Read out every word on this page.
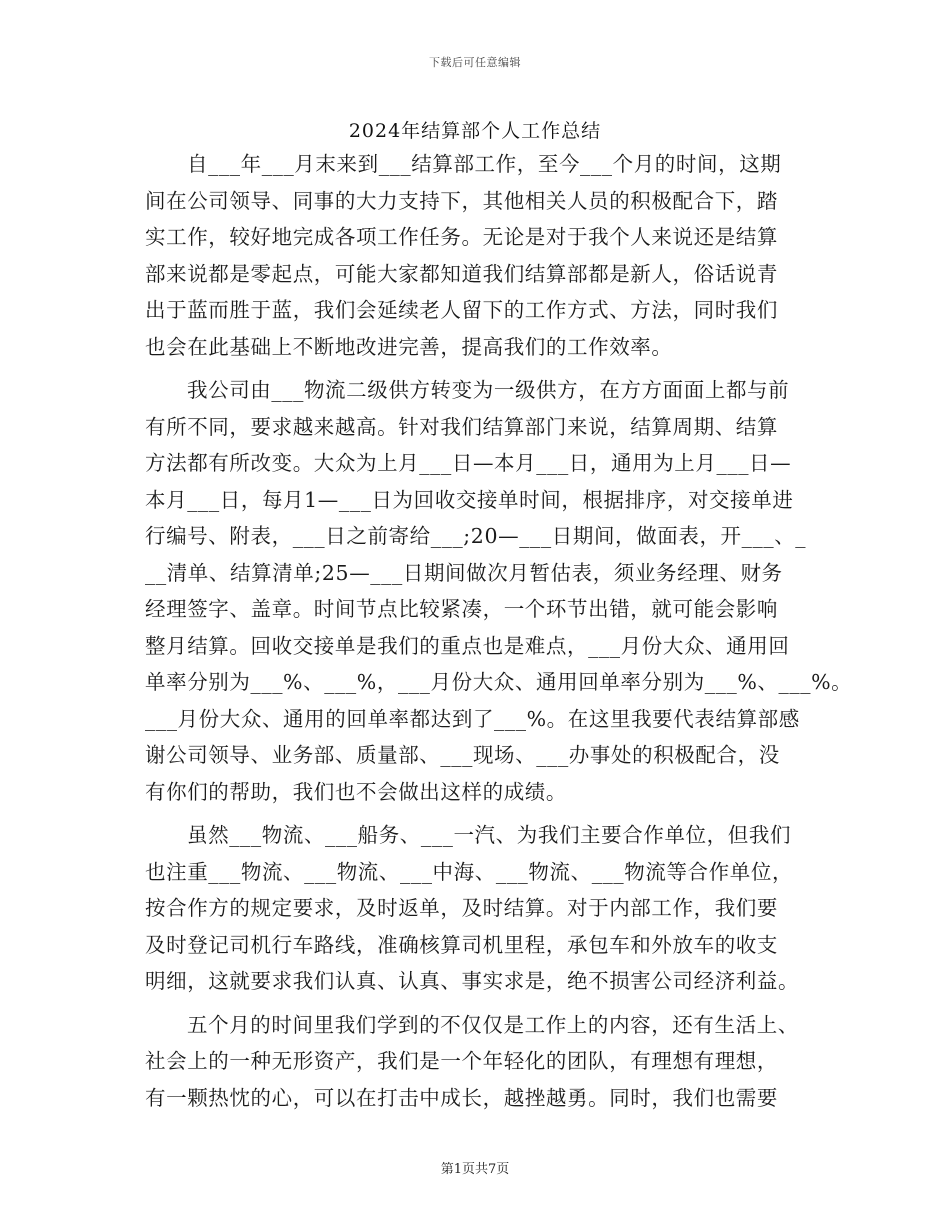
下载后可任意编辑
2024年结算部个人工作总结
自___年___月末来到___结算部工作，至今___个月的时间，这期
间在公司领导、同事的大力支持下，其他相关人员的积极配合下，踏
实工作，较好地完成各项工作任务。无论是对于我个人来说还是结算
部来说都是零起点，可能大家都知道我们结算部都是新人，俗话说青
出于蓝而胜于蓝，我们会延续老人留下的工作方式、方法，同时我们
也会在此基础上不断地改进完善，提高我们的工作效率。
我公司由___物流二级供方转变为一级供方，在方方面面上都与前
有所不同，要求越来越高。针对我们结算部门来说，结算周期、结算
方法都有所改变。大众为上月___日—本月___日，通用为上月___日—
本月___日，每月1—___日为回收交接单时间，根据排序，对交接单进
行编号、附表，___日之前寄给___;20—___日期间，做面表，开___、_
__清单、结算清单;25—___日期间做次月暂估表，须业务经理、财务
经理签字、盖章。时间节点比较紧凑，一个环节出错，就可能会影响
整月结算。回收交接单是我们的重点也是难点，___月份大众、通用回
单率分别为___%、___%，___月份大众、通用回单率分别为___%、___%。
___月份大众、通用的回单率都达到了___%。在这里我要代表结算部感
谢公司领导、业务部、质量部、___现场、___办事处的积极配合，没
有你们的帮助，我们也不会做出这样的成绩。
虽然___物流、___船务、___一汽、为我们主要合作单位，但我们
也注重___物流、___物流、___中海、___物流、___物流等合作单位，
按合作方的规定要求，及时返单，及时结算。对于内部工作，我们要
及时登记司机行车路线，准确核算司机里程，承包车和外放车的收支
明细，这就要求我们认真、认真、事实求是，绝不损害公司经济利益。
五个月的时间里我们学到的不仅仅是工作上的内容，还有生活上、
社会上的一种无形资产，我们是一个年轻化的团队，有理想有理想，
有一颗热忱的心，可以在打击中成长，越挫越勇。同时，我们也需要
第1页共7页
